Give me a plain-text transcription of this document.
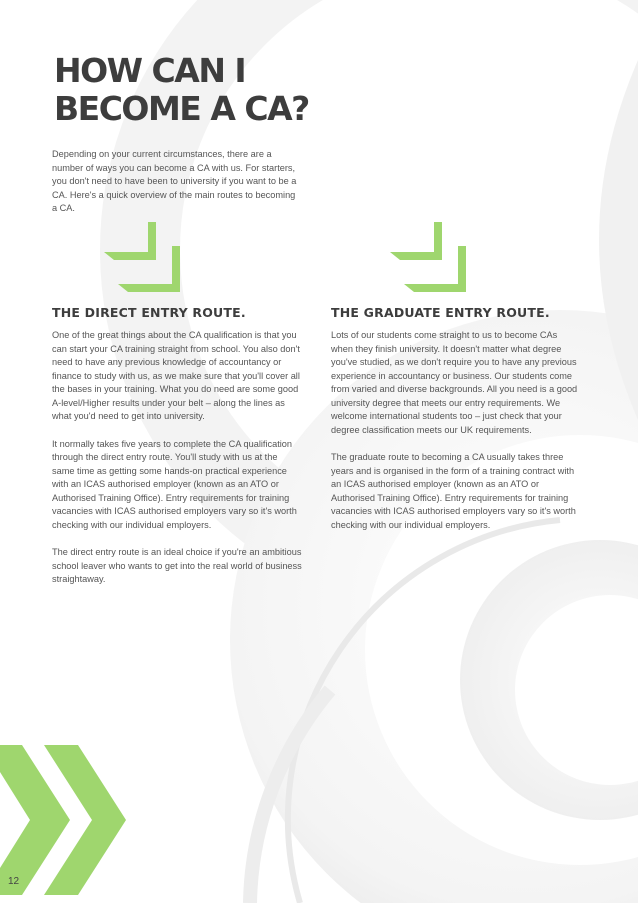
HOW CAN I
BECOME A CA?

Depending on your current circumstances, there are a number of ways you can become a CA with us. For starters, you don't need to have been to university if you want to be a CA. Here's a quick overview of the main routes to becoming a CA.

THE DIRECT ENTRY ROUTE.

One of the great things about the CA qualification is that you can start your CA training straight from school. You also don't need to have any previous knowledge of accountancy or finance to study with us, as we make sure that you'll cover all the bases in your training. What you do need are some good A-level/Higher results under your belt – along the lines as what you'd need to get into university.

It normally takes five years to complete the CA qualification through the direct entry route. You'll study with us at the same time as getting some hands-on practical experience with an ICAS authorised employer (known as an ATO or Authorised Training Office). Entry requirements for training vacancies with ICAS authorised employers vary so it's worth checking with our individual employers.

The direct entry route is an ideal choice if you're an ambitious school leaver who wants to get into the real world of business straightaway.

THE GRADUATE ENTRY ROUTE.

Lots of our students come straight to us to become CAs when they finish university. It doesn't matter what degree you've studied, as we don't require you to have any previous experience in accountancy or business. Our students come from varied and diverse backgrounds. All you need is a good university degree that meets our entry requirements. We welcome international students too – just check that your degree classification meets our UK requirements.

The graduate route to becoming a CA usually takes three years and is organised in the form of a training contract with an ICAS authorised employer (known as an ATO or Authorised Training Office). Entry requirements for training vacancies with ICAS authorised employers vary so it's worth checking with our individual employers.

12
